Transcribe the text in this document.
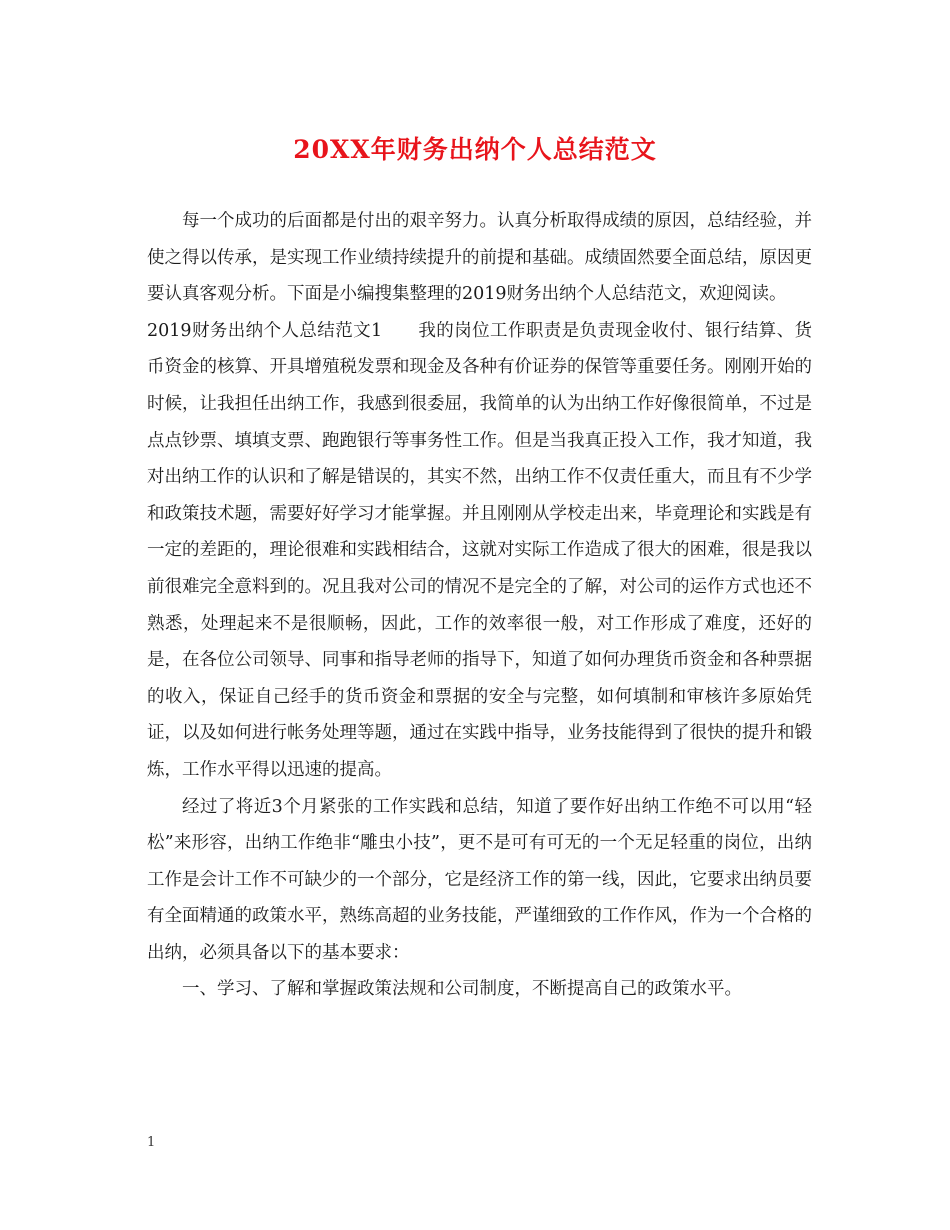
20XX年财务出纳个人总结范文

每一个成功的后面都是付出的艰辛努力。认真分析取得成绩的原因，总结经验，并使之得以传承，是实现工作业绩持续提升的前提和基础。成绩固然要全面总结，原因更要认真客观分析。下面是小编搜集整理的2019财务出纳个人总结范文，欢迎阅读。

2019财务出纳个人总结范文1　　我的岗位工作职责是负责现金收付、银行结算、货币资金的核算、开具增殖税发票和现金及各种有价证券的保管等重要任务。刚刚开始的时候，让我担任出纳工作，我感到很委屈，我简单的认为出纳工作好像很简单，不过是点点钞票、填填支票、跑跑银行等事务性工作。但是当我真正投入工作，我才知道，我对出纳工作的认识和了解是错误的，其实不然，出纳工作不仅责任重大，而且有不少学和政策技术题，需要好好学习才能掌握。并且刚刚从学校走出来，毕竟理论和实践是有一定的差距的，理论很难和实践相结合，这就对实际工作造成了很大的困难，很是我以前很难完全意料到的。况且我对公司的情况不是完全的了解，对公司的运作方式也还不熟悉，处理起来不是很顺畅，因此，工作的效率很一般，对工作形成了难度，还好的是，在各位公司领导、同事和指导老师的指导下，知道了如何办理货币资金和各种票据的收入，保证自己经手的货币资金和票据的安全与完整，如何填制和审核许多原始凭证，以及如何进行帐务处理等题，通过在实践中指导，业务技能得到了很快的提升和锻炼，工作水平得以迅速的提高。

经过了将近3个月紧张的工作实践和总结，知道了要作好出纳工作绝不可以用“轻松”来形容，出纳工作绝非“雕虫小技”，更不是可有可无的一个无足轻重的岗位，出纳工作是会计工作不可缺少的一个部分，它是经济工作的第一线，因此，它要求出纳员要有全面精通的政策水平，熟练高超的业务技能，严谨细致的工作作风，作为一个合格的出纳，必须具备以下的基本要求：

一、学习、了解和掌握政策法规和公司制度，不断提高自己的政策水平。

1
